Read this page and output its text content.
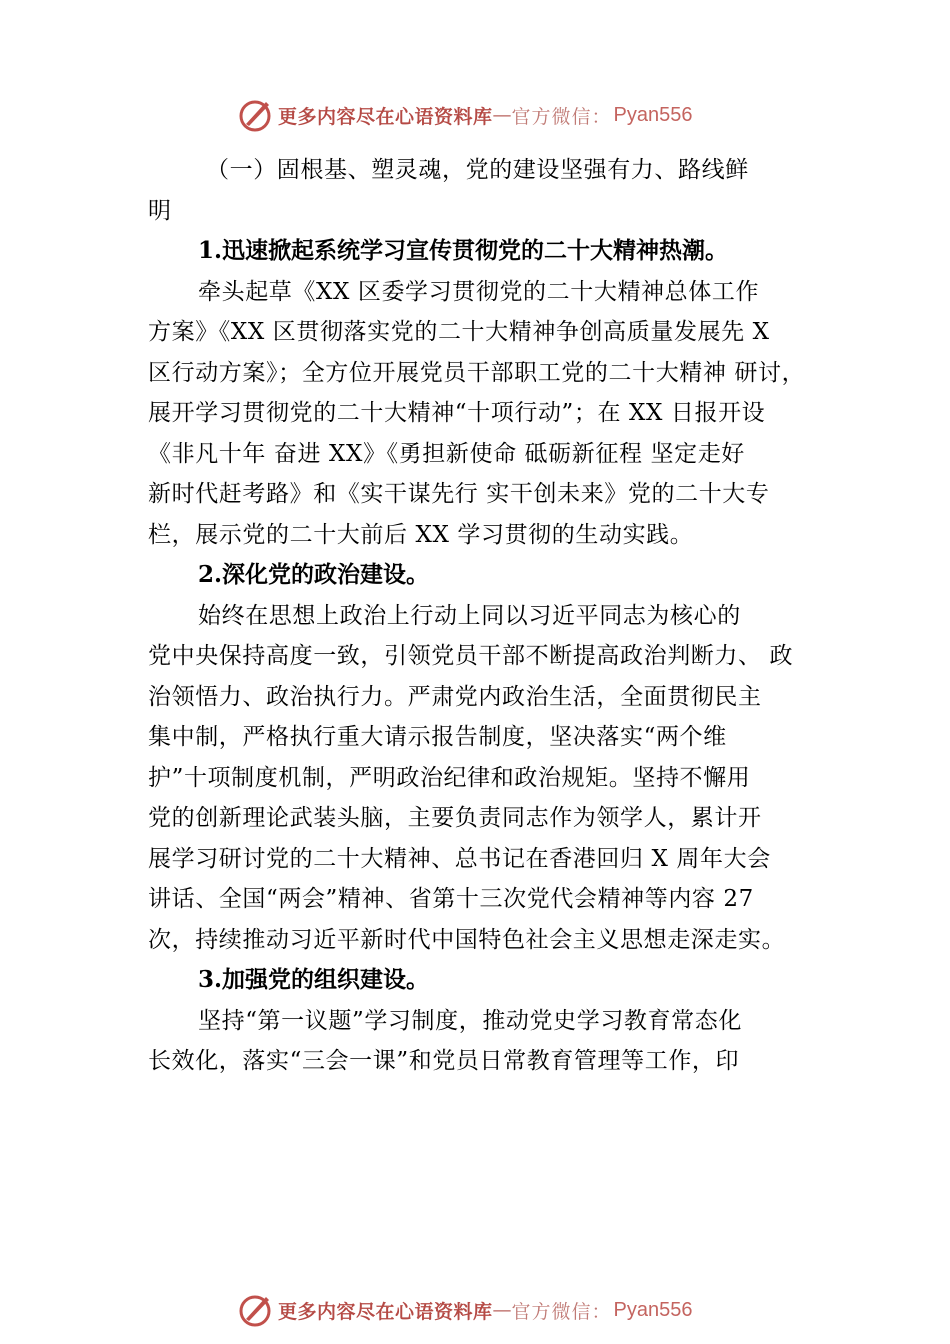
更多内容尽在心语资料库 — 官方微信： Pyan556
（一）固根基、塑灵魂，党的建设坚强有力、路线鲜
明
1.迅速掀起系统学习宣传贯彻党的二十大精神热潮。
牵头起草《XX 区委学习贯彻党的二十大精神总体工作
方案》《XX 区贯彻落实党的二十大精神争创高质量发展先 X
区行动方案》；全方位开展党员干部职工党的二十大精神 研讨，
展开学习贯彻党的二十大精神“十项行动”；在 XX 日报开设
《非凡十年 奋进 XX》《勇担新使命 砥砺新征程 坚定走好
新时代赶考路》和《实干谋先行 实干创未来》党的二十大专
栏，展示党的二十大前后 XX 学习贯彻的生动实践。
2.深化党的政治建设。
始终在思想上政治上行动上同以习近平同志为核心的
党中央保持高度一致，引领党员干部不断提高政治判断力、 政
治领悟力、政治执行力。严肃党内政治生活，全面贯彻民主
集中制，严格执行重大请示报告制度，坚决落实“两个维
护”十项制度机制，严明政治纪律和政治规矩。坚持不懈用
党的创新理论武装头脑，主要负责同志作为领学人，累计开
展学习研讨党的二十大精神、总书记在香港回归 X 周年大会
讲话、全国“两会”精神、省第十三次党代会精神等内容 27
次，持续推动习近平新时代中国特色社会主义思想走深走实。
3.加强党的组织建设。
坚持“第一议题”学习制度，推动党史学习教育常态化
长效化，落实“三会一课”和党员日常教育管理等工作，印
更多内容尽在心语资料库 — 官方微信： Pyan556
